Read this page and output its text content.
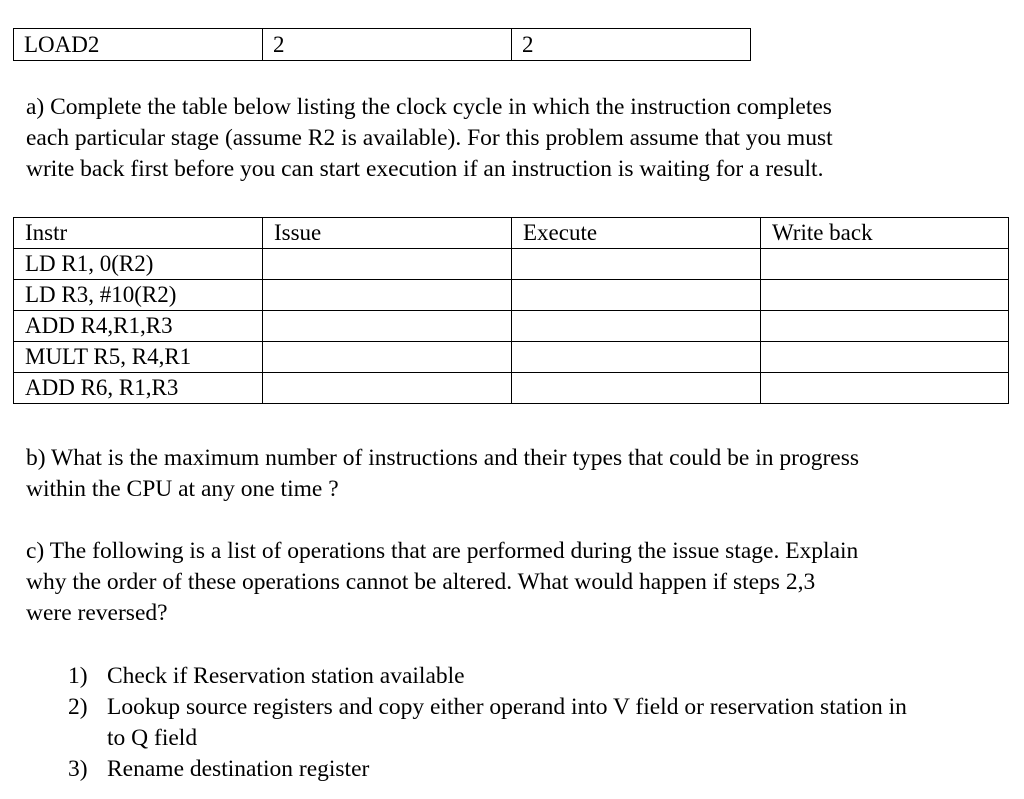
LOAD2	2	2
a) Complete the table below listing the clock cycle in which the instruction completes
each particular stage (assume R2 is available). For this problem assume that you must
write back first before you can start execution if an instruction is waiting for a result.
Instr	Issue	Execute	Write back
LD R1, 0(R2)			
LD R3, #10(R2)			
ADD R4,R1,R3			
MULT R5, R4,R1			
ADD R6, R1,R3			
b) What is the maximum number of instructions and their types that could be in progress
within the CPU at any one time ?
c) The following is a list of operations that are performed during the issue stage. Explain
why the order of these operations cannot be altered. What would happen if steps 2,3
were reversed?
1) Check if Reservation station available
2) Lookup source registers and copy either operand into V field or reservation station in to Q field
3) Rename destination register
